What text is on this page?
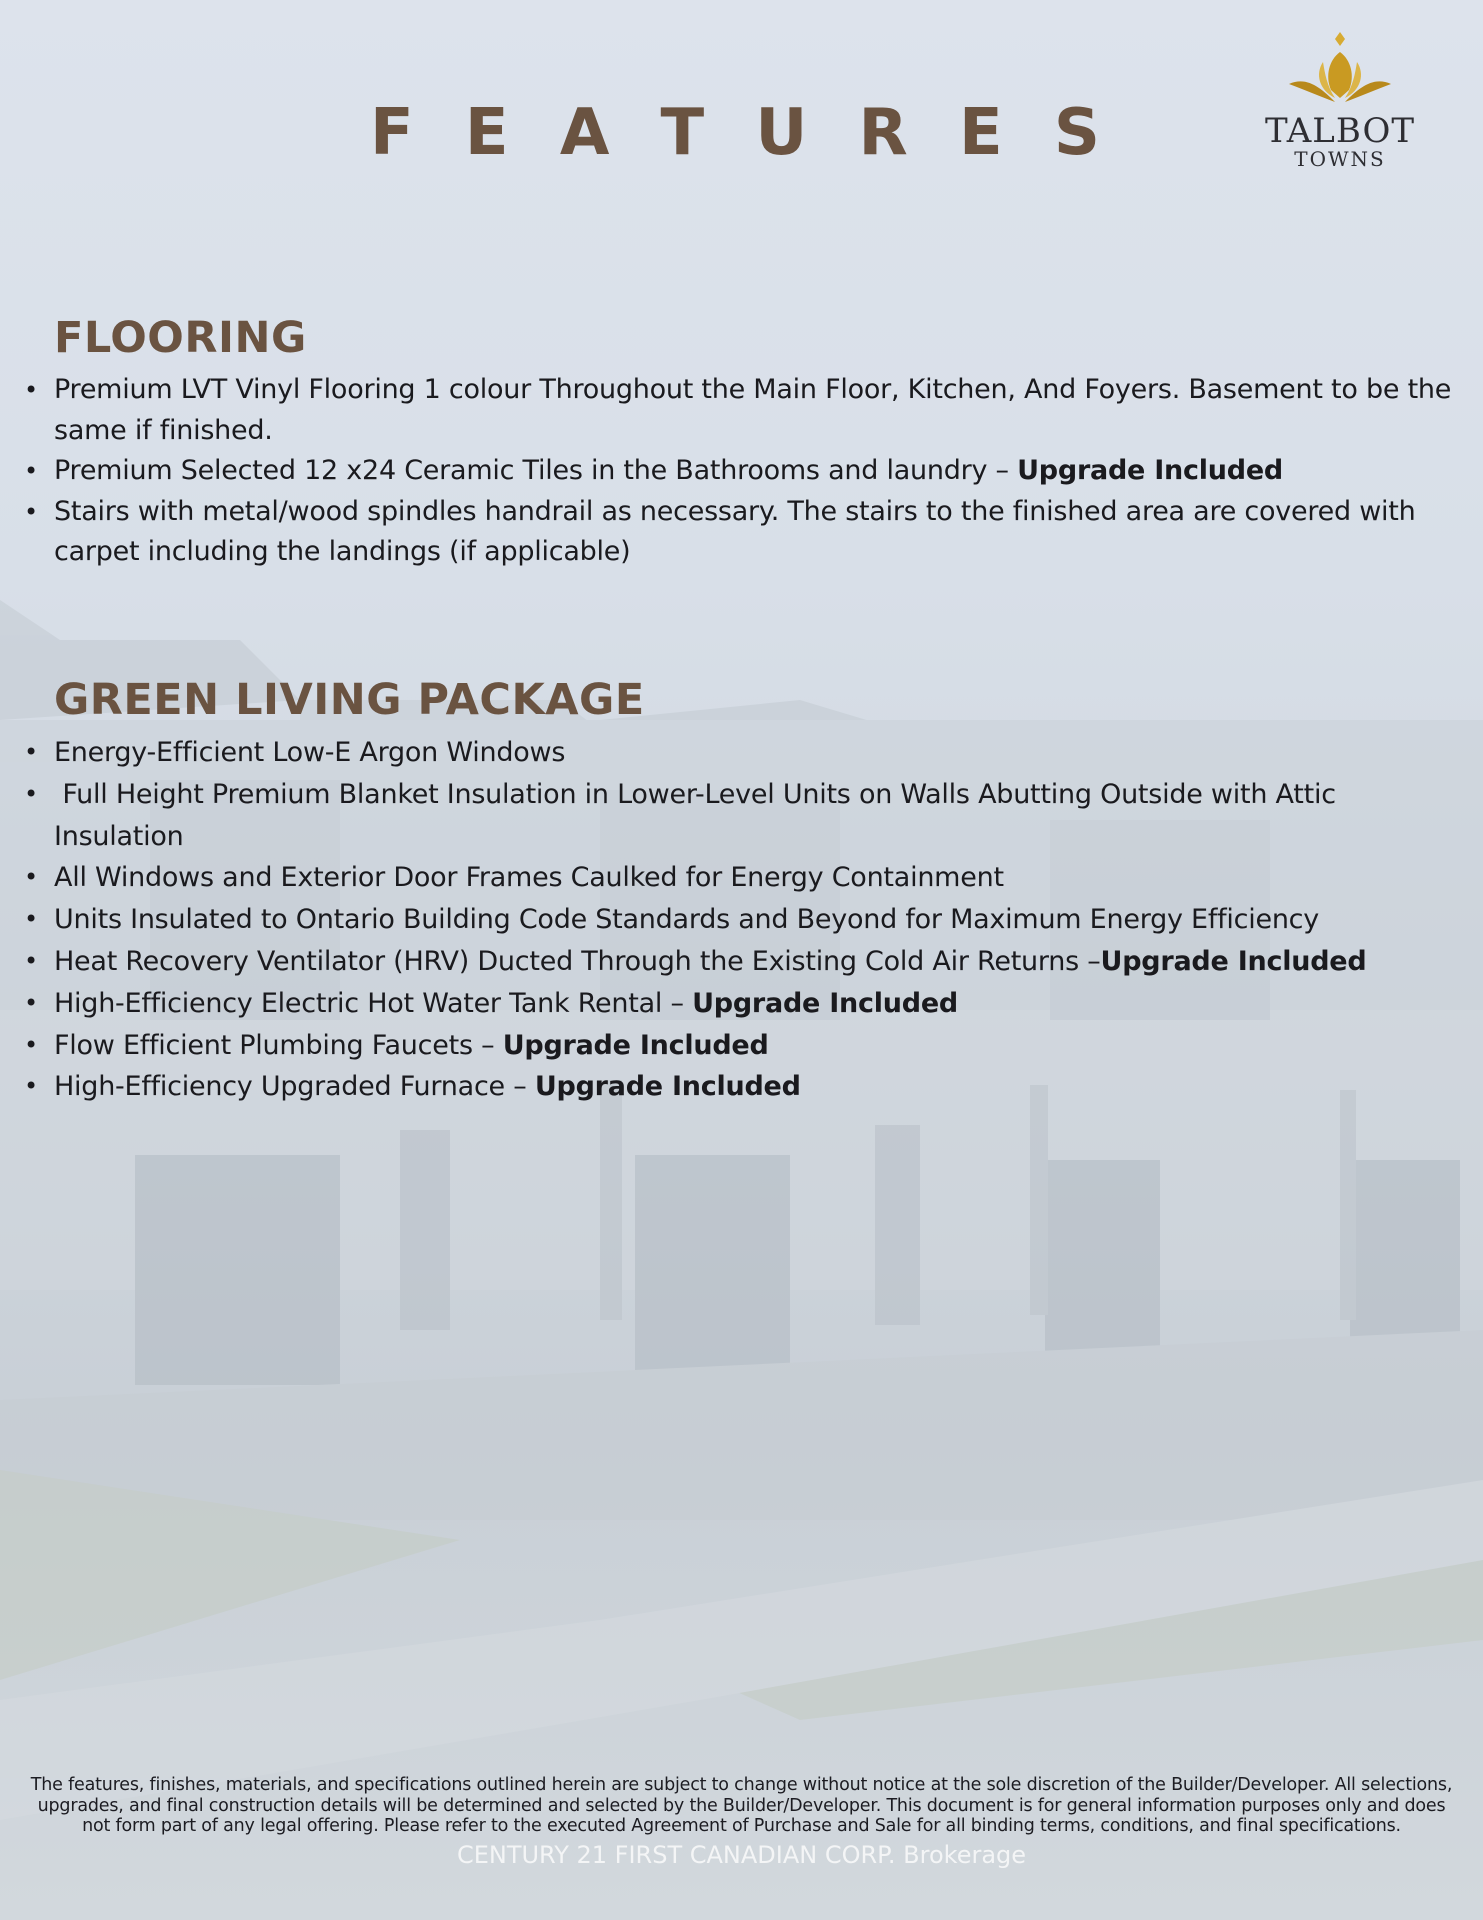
F E A T U R E S	TALBOT
TOWNS
FLOORING
• Premium LVT Vinyl Flooring 1 colour Throughout the Main Floor, Kitchen, And Foyers. Basement to be the same if finished.
• Premium Selected 12 x24 Ceramic Tiles in the Bathrooms and laundry – Upgrade Included
• Stairs with metal/wood spindles handrail as necessary. The stairs to the finished area are covered with carpet including the landings (if applicable)
GREEN LIVING PACKAGE
• Energy-Efficient Low-E Argon Windows
• Full Height Premium Blanket Insulation in Lower-Level Units on Walls Abutting Outside with Attic Insulation
• All Windows and Exterior Door Frames Caulked for Energy Containment
• Units Insulated to Ontario Building Code Standards and Beyond for Maximum Energy Efficiency
• Heat Recovery Ventilator (HRV) Ducted Through the Existing Cold Air Returns –Upgrade Included
• High-Efficiency Electric Hot Water Tank Rental – Upgrade Included
• Flow Efficient Plumbing Faucets – Upgrade Included
• High-Efficiency Upgraded Furnace – Upgrade Included
The features, finishes, materials, and specifications outlined herein are subject to change without notice at the sole discretion of the Builder/Developer. All selections, upgrades, and final construction details will be determined and selected by the Builder/Developer. This document is for general information purposes only and does not form part of any legal offering. Please refer to the executed Agreement of Purchase and Sale for all binding terms, conditions, and final specifications.
CENTURY 21 FIRST CANADIAN CORP. Brokerage
